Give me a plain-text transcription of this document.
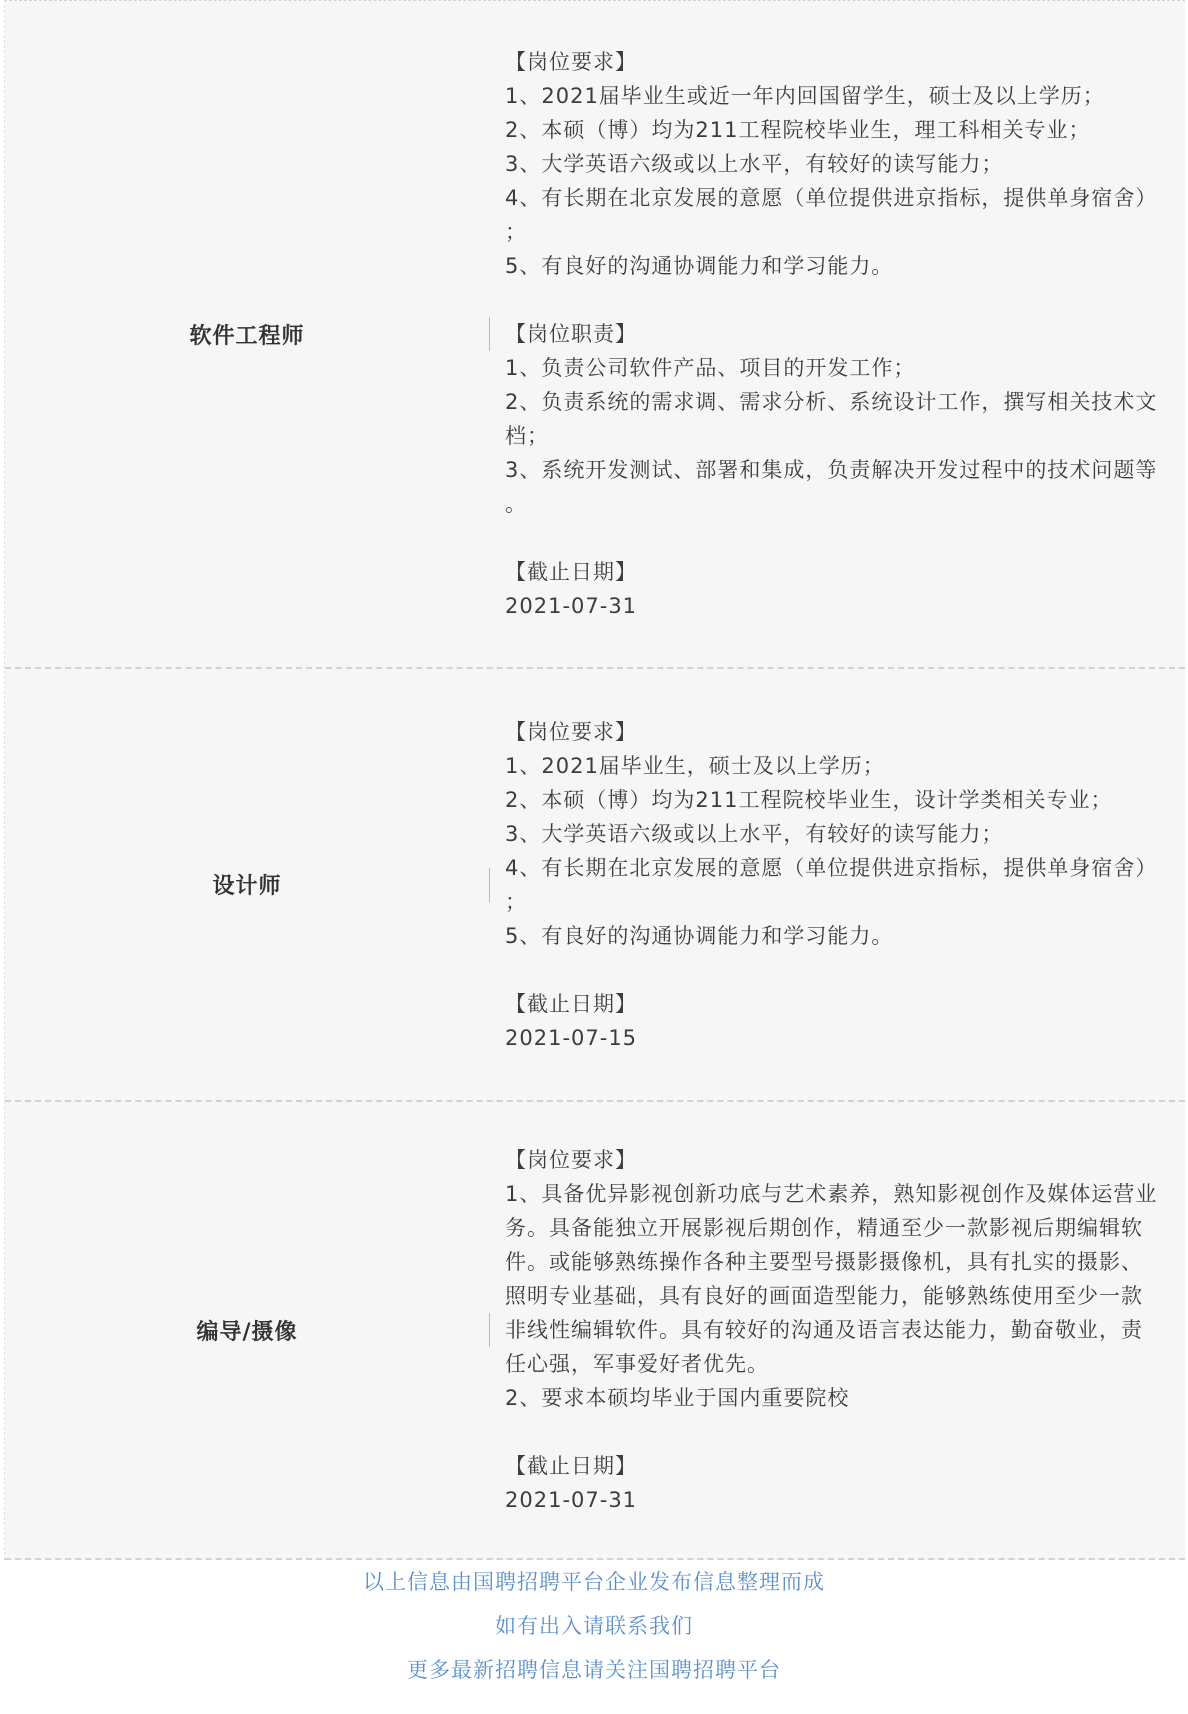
软件工程师
【岗位要求】
1、2021届毕业生或近一年内回国留学生，硕士及以上学历；
2、本硕（博）均为211工程院校毕业生，理工科相关专业；
3、大学英语六级或以上水平，有较好的读写能力；
4、有长期在北京发展的意愿（单位提供进京指标，提供单身宿舍）
；
5、有良好的沟通协调能力和学习能力。
【岗位职责】
1、负责公司软件产品、项目的开发工作；
2、负责系统的需求调、需求分析、系统设计工作，撰写相关技术文
档；
3、系统开发测试、部署和集成，负责解决开发过程中的技术问题等
。
【截止日期】
2021-07-31
设计师
【岗位要求】
1、2021届毕业生，硕士及以上学历；
2、本硕（博）均为211工程院校毕业生，设计学类相关专业；
3、大学英语六级或以上水平，有较好的读写能力；
4、有长期在北京发展的意愿（单位提供进京指标，提供单身宿舍）
；
5、有良好的沟通协调能力和学习能力。
【截止日期】
2021-07-15
编导/摄像
【岗位要求】
1、具备优异影视创新功底与艺术素养，熟知影视创作及媒体运营业
务。具备能独立开展影视后期创作，精通至少一款影视后期编辑软
件。或能够熟练操作各种主要型号摄影摄像机，具有扎实的摄影、
照明专业基础，具有良好的画面造型能力，能够熟练使用至少一款
非线性编辑软件。具有较好的沟通及语言表达能力，勤奋敬业，责
任心强，军事爱好者优先。
2、要求本硕均毕业于国内重要院校
【截止日期】
2021-07-31
以上信息由国聘招聘平台企业发布信息整理而成
如有出入请联系我们
更多最新招聘信息请关注国聘招聘平台
